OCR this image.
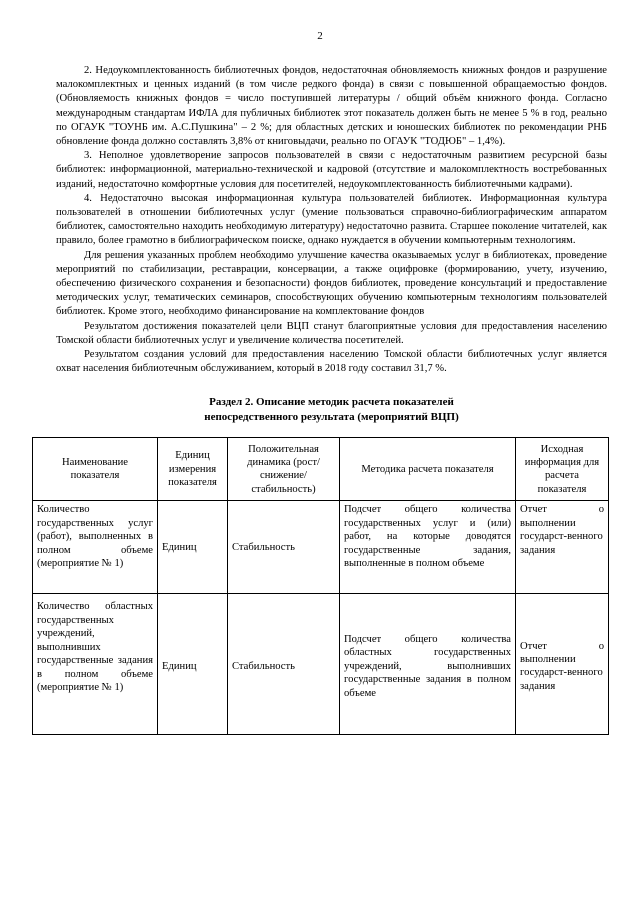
2

2. Недоукомплектованность библиотечных фондов, недостаточная обновляемость книжных фондов и разрушение малокомплектных и ценных изданий (в том числе редкого фонда) в связи с повышенной обращаемостью фондов. (Обновляемость книжных фондов = число поступившей литературы / общий объём книжного фонда. Согласно международным стандартам ИФЛА для публичных библиотек этот показатель должен быть не менее 5 % в год, реально по ОГАУК "ТОУНБ им. А.С.Пушкина" – 2 %; для областных детских и юношеских библиотек по рекомендации РНБ обновление фонда должно составлять 3,8% от книговыдачи, реально по ОГАУК "ТОДЮБ" – 1,4%).

3. Неполное удовлетворение запросов пользователей в связи с недостаточным развитием ресурсной базы библиотек: информационной, материально-технической и кадровой (отсутствие и малокомплектность востребованных изданий, недостаточно комфортные условия для посетителей, недоукомплектованность библиотечными кадрами).

4. Недостаточно высокая информационная культура пользователей библиотек. Информационная культура пользователей в отношении библиотечных услуг (умение пользоваться справочно-библиографическим аппаратом библиотек, самостоятельно находить необходимую литературу) недостаточно развита. Старшее поколение читателей, как правило, более грамотно в библиографическом поиске, однако нуждается в обучении компьютерным технологиям.

Для решения указанных проблем необходимо улучшение качества оказываемых услуг в библиотеках, проведение мероприятий по стабилизации, реставрации, консервации, а также оцифровке (формированию, учету, изучению, обеспечению физического сохранения и безопасности) фондов библиотек, проведение консультаций и предоставление методических услуг, тематических семинаров, способствующих обучению компьютерным технологиям пользователей библиотек. Кроме этого, необходимо финансирование на комплектование фондов

Результатом достижения показателей цели ВЦП станут благоприятные условия для предоставления населению Томской области библиотечных услуг и увеличение количества посетителей.

Результатом создания условий для предоставления населению Томской области библиотечных услуг является охват населения библиотечным обслуживанием, который в 2018 году составил 31,7 %.

Раздел 2. Описание методик расчета показателей
непосредственного результата (мероприятий ВЦП)
Наименование показателя	Единиц измерения показателя	Положительная динамика (рост/снижение/ стабильность)	Методика расчета показателя	Исходная информация для расчета показателя
Количество государственных услуг (работ), выполненных в полном объеме (мероприятие № 1)	Единиц	Стабильность	Подсчет общего количества государственных услуг и (или) работ, на которые доводятся государственные задания, выполненные в полном объеме	Отчет о выполнении государст-венного задания
Количество областных государственных учреждений, выполнивших государственные задания в полном объеме (мероприятие № 1)	Единиц	Стабильность	Подсчет общего количества областных государственных учреждений, выполнивших государственные задания в полном объеме	Отчет о выполнении государст-венного задания
